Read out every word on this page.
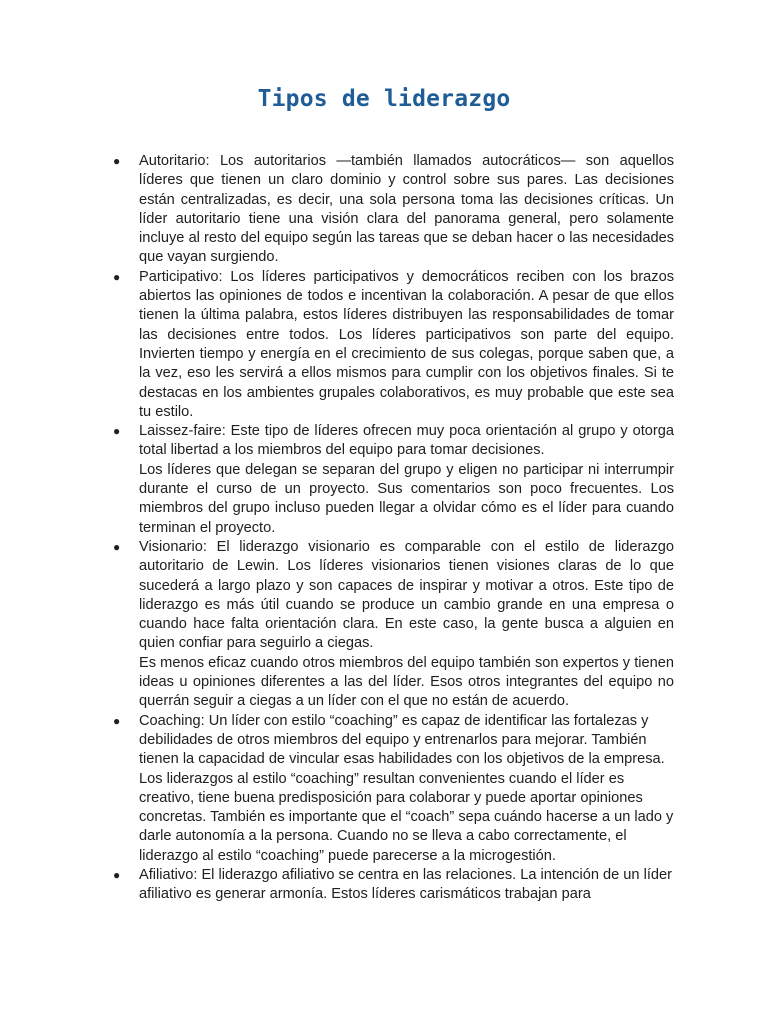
Tipos de liderazgo
● Autoritario: Los autoritarios —también llamados autocráticos— son aquellos líderes que tienen un claro dominio y control sobre sus pares. Las decisiones están centralizadas, es decir, una sola persona toma las decisiones críticas. Un líder autoritario tiene una visión clara del panorama general, pero solamente incluye al resto del equipo según las tareas que se deban hacer o las necesidades que vayan surgiendo.
● Participativo: Los líderes participativos y democráticos reciben con los brazos abiertos las opiniones de todos e incentivan la colaboración. A pesar de que ellos tienen la última palabra, estos líderes distribuyen las responsabilidades de tomar las decisiones entre todos. Los líderes participativos son parte del equipo. Invierten tiempo y energía en el crecimiento de sus colegas, porque saben que, a la vez, eso les servirá a ellos mismos para cumplir con los objetivos finales. Si te destacas en los ambientes grupales colaborativos, es muy probable que este sea tu estilo.
● Laissez-faire: Este tipo de líderes ofrecen muy poca orientación al grupo y otorga total libertad a los miembros del equipo para tomar decisiones.
Los líderes que delegan se separan del grupo y eligen no participar ni interrumpir durante el curso de un proyecto. Sus comentarios son poco frecuentes. Los miembros del grupo incluso pueden llegar a olvidar cómo es el líder para cuando terminan el proyecto.
● Visionario: El liderazgo visionario es comparable con el estilo de liderazgo autoritario de Lewin. Los líderes visionarios tienen visiones claras de lo que sucederá a largo plazo y son capaces de inspirar y motivar a otros. Este tipo de liderazgo es más útil cuando se produce un cambio grande en una empresa o cuando hace falta orientación clara. En este caso, la gente busca a alguien en quien confiar para seguirlo a ciegas.
Es menos eficaz cuando otros miembros del equipo también son expertos y tienen ideas u opiniones diferentes a las del líder. Esos otros integrantes del equipo no querrán seguir a ciegas a un líder con el que no están de acuerdo.
● Coaching: Un líder con estilo “coaching” es capaz de identificar las fortalezas y debilidades de otros miembros del equipo y entrenarlos para mejorar. También tienen la capacidad de vincular esas habilidades con los objetivos de la empresa. Los liderazgos al estilo “coaching” resultan convenientes cuando el líder es creativo, tiene buena predisposición para colaborar y puede aportar opiniones concretas. También es importante que el “coach” sepa cuándo hacerse a un lado y darle autonomía a la persona. Cuando no se lleva a cabo correctamente, el liderazgo al estilo “coaching” puede parecerse a la microgestión.
● Afiliativo: El liderazgo afiliativo se centra en las relaciones. La intención de un líder afiliativo es generar armonía. Estos líderes carismáticos trabajan para
